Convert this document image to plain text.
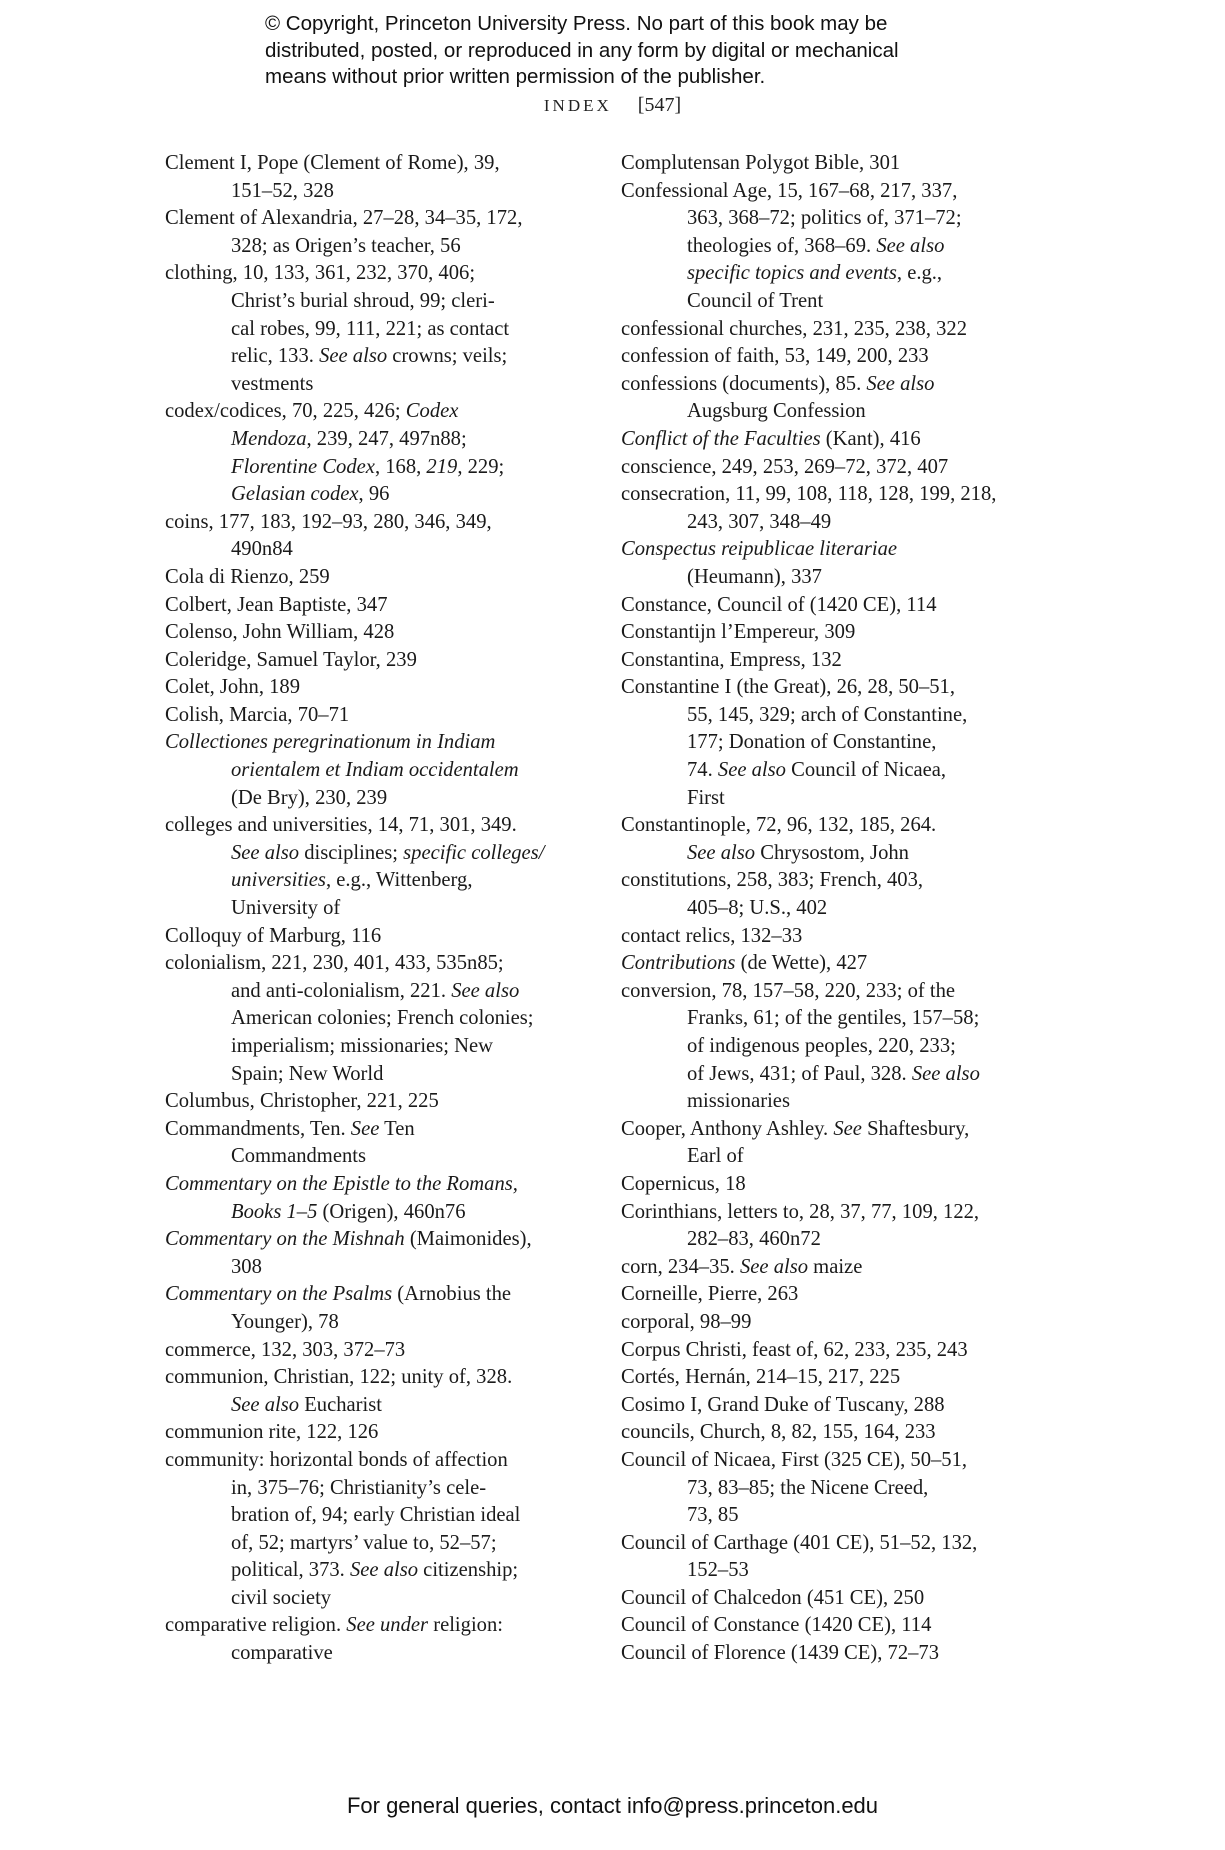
© Copyright, Princeton University Press. No part of this book may be
distributed, posted, or reproduced in any form by digital or mechanical
means without prior written permission of the publisher.
INDEX [547]
Clement I, Pope (Clement of Rome), 39,
151–52, 328
Clement of Alexandria, 27–28, 34–35, 172,
328; as Origen’s teacher, 56
clothing, 10, 133, 361, 232, 370, 406;
Christ’s burial shroud, 99; cleri-
cal robes, 99, 111, 221; as contact
relic, 133. See also crowns; veils;
vestments
codex/codices, 70, 225, 426; Codex
Mendoza, 239, 247, 497n88;
Florentine Codex, 168, 219, 229;
Gelasian codex, 96
coins, 177, 183, 192–93, 280, 346, 349,
490n84
Cola di Rienzo, 259
Colbert, Jean Baptiste, 347
Colenso, John William, 428
Coleridge, Samuel Taylor, 239
Colet, John, 189
Colish, Marcia, 70–71
Collectiones peregrinationum in Indiam
orientalem et Indiam occidentalem
(De Bry), 230, 239
colleges and universities, 14, 71, 301, 349.
See also disciplines; specific colleges/
universities, e.g., Wittenberg,
University of
Colloquy of Marburg, 116
colonialism, 221, 230, 401, 433, 535n85;
and anti-colonialism, 221. See also
American colonies; French colonies;
imperialism; missionaries; New
Spain; New World
Columbus, Christopher, 221, 225
Commandments, Ten. See Ten
Commandments
Commentary on the Epistle to the Romans,
Books 1–5 (Origen), 460n76
Commentary on the Mishnah (Maimonides),
308
Commentary on the Psalms (Arnobius the
Younger), 78
commerce, 132, 303, 372–73
communion, Christian, 122; unity of, 328.
See also Eucharist
communion rite, 122, 126
community: horizontal bonds of affection
in, 375–76; Christianity’s cele-
bration of, 94; early Christian ideal
of, 52; martyrs’ value to, 52–57;
political, 373. See also citizenship;
civil society
comparative religion. See under religion:
comparative
Complutensan Polygot Bible, 301
Confessional Age, 15, 167–68, 217, 337,
363, 368–72; politics of, 371–72;
theologies of, 368–69. See also
specific topics and events, e.g.,
Council of Trent
confessional churches, 231, 235, 238, 322
confession of faith, 53, 149, 200, 233
confessions (documents), 85. See also
Augsburg Confession
Conflict of the Faculties (Kant), 416
conscience, 249, 253, 269–72, 372, 407
consecration, 11, 99, 108, 118, 128, 199, 218,
243, 307, 348–49
Conspectus reipublicae literariae
(Heumann), 337
Constance, Council of (1420 CE), 114
Constantijn l’Empereur, 309
Constantina, Empress, 132
Constantine I (the Great), 26, 28, 50–51,
55, 145, 329; arch of Constantine,
177; Donation of Constantine,
74. See also Council of Nicaea,
First
Constantinople, 72, 96, 132, 185, 264.
See also Chrysostom, John
constitutions, 258, 383; French, 403,
405–8; U.S., 402
contact relics, 132–33
Contributions (de Wette), 427
conversion, 78, 157–58, 220, 233; of the
Franks, 61; of the gentiles, 157–58;
of indigenous peoples, 220, 233;
of Jews, 431; of Paul, 328. See also
missionaries
Cooper, Anthony Ashley. See Shaftesbury,
Earl of
Copernicus, 18
Corinthians, letters to, 28, 37, 77, 109, 122,
282–83, 460n72
corn, 234–35. See also maize
Corneille, Pierre, 263
corporal, 98–99
Corpus Christi, feast of, 62, 233, 235, 243
Cortés, Hernán, 214–15, 217, 225
Cosimo I, Grand Duke of Tuscany, 288
councils, Church, 8, 82, 155, 164, 233
Council of Nicaea, First (325 CE), 50–51,
73, 83–85; the Nicene Creed,
73, 85
Council of Carthage (401 CE), 51–52, 132,
152–53
Council of Chalcedon (451 CE), 250
Council of Constance (1420 CE), 114
Council of Florence (1439 CE), 72–73
For general queries, contact info@press.princeton.edu
